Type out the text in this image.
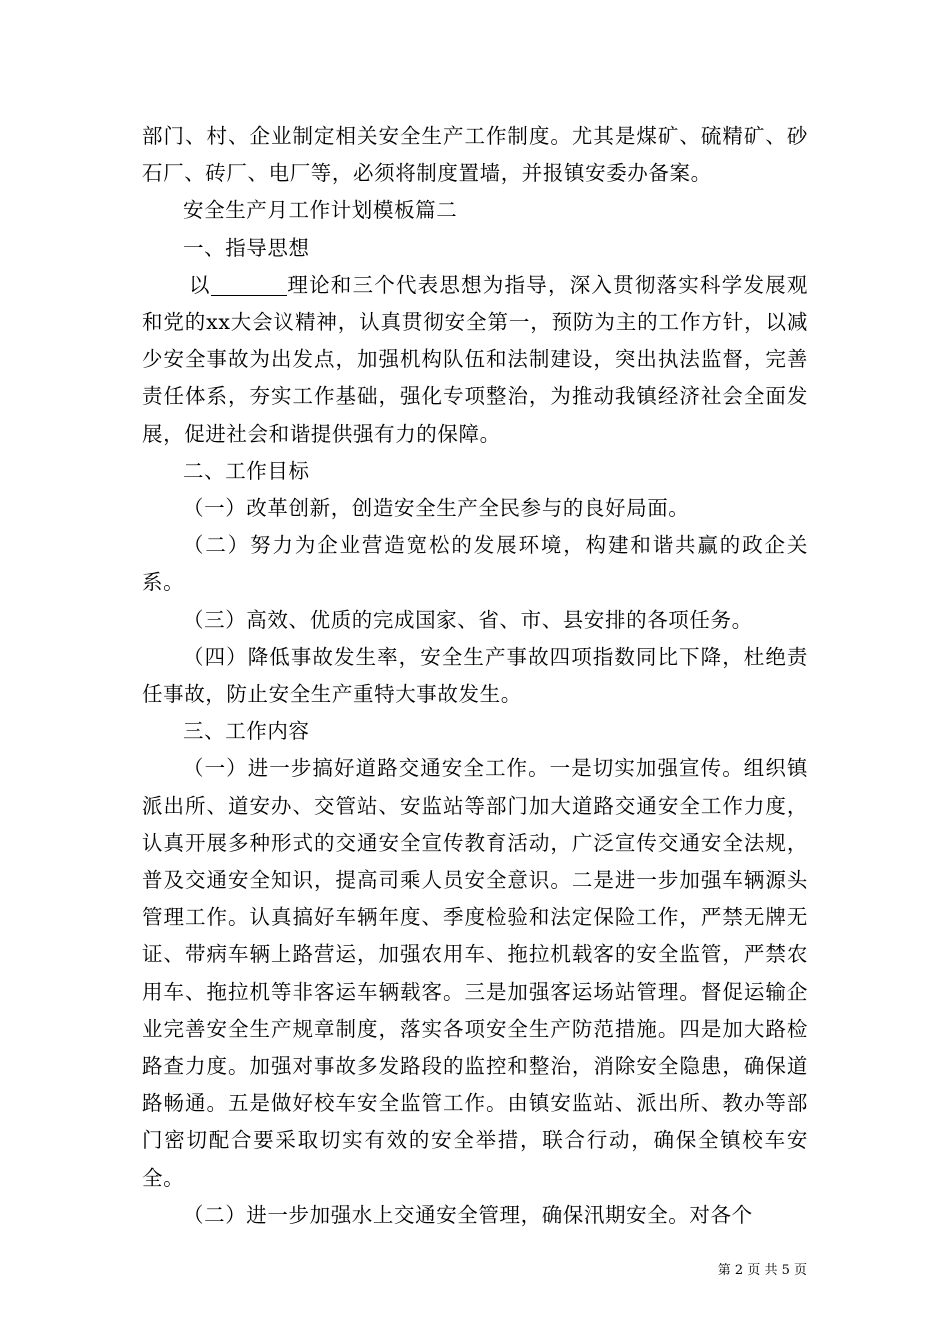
部门、村、企业制定相关安全生产工作制度。尤其是煤矿、硫精矿、砂石厂、砖厂、电厂等，必须将制度置墙，并报镇安委办备案。

安全生产月工作计划模板篇二

一、指导思想

以	理论和三个代表思想为指导，深入贯彻落实科学发展观和党的xx大会议精神，认真贯彻安全第一，预防为主的工作方针，以减少安全事故为出发点，加强机构队伍和法制建设，突出执法监督，完善责任体系，夯实工作基础，强化专项整治，为推动我镇经济社会全面发展，促进社会和谐提供强有力的保障。

二、工作目标

（一）改革创新，创造安全生产全民参与的良好局面。

（二）努力为企业营造宽松的发展环境，构建和谐共赢的政企关系。

（三）高效、优质的完成国家、省、市、县安排的各项任务。

（四）降低事故发生率，安全生产事故四项指数同比下降，杜绝责任事故，防止安全生产重特大事故发生。

三、工作内容

（一）进一步搞好道路交通安全工作。一是切实加强宣传。组织镇派出所、道安办、交管站、安监站等部门加大道路交通安全工作力度，认真开展多种形式的交通安全宣传教育活动，广泛宣传交通安全法规，普及交通安全知识，提高司乘人员安全意识。二是进一步加强车辆源头管理工作。认真搞好车辆年度、季度检验和法定保险工作，严禁无牌无证、带病车辆上路营运，加强农用车、拖拉机载客的安全监管，严禁农用车、拖拉机等非客运车辆载客。三是加强客运场站管理。督促运输企业完善安全生产规章制度，落实各项安全生产防范措施。四是加大路检路查力度。加强对事故多发路段的监控和整治，消除安全隐患，确保道路畅通。五是做好校车安全监管工作。由镇安监站、派出所、教办等部门密切配合要采取切实有效的安全举措，联合行动，确保全镇校车安全。

（二）进一步加强水上交通安全管理，确保汛期安全。对各个

第 2 页 共 5 页
